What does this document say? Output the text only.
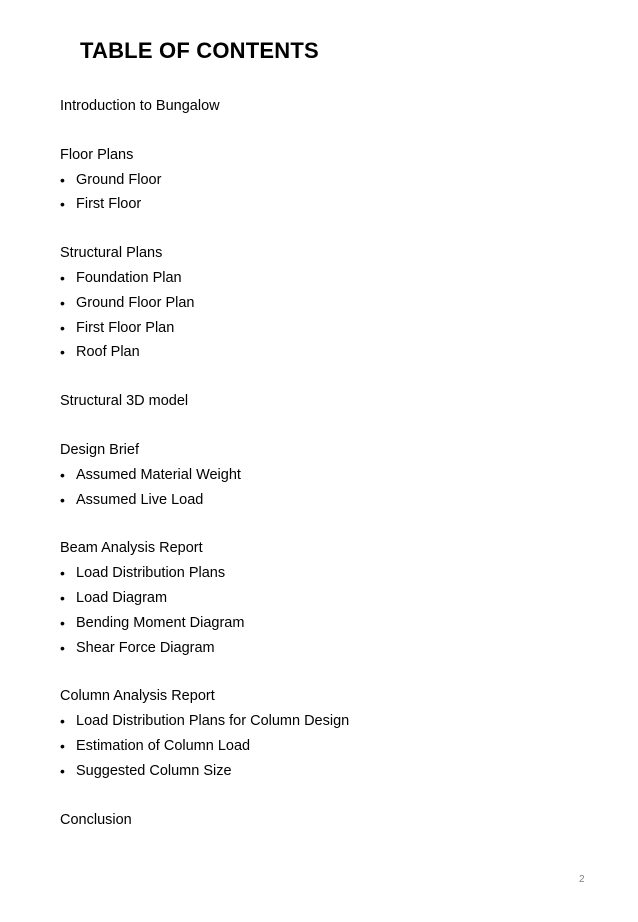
TABLE OF CONTENTS

Introduction to Bungalow

Floor Plans

• Ground Floor
• First Floor

Structural Plans

• Foundation Plan
• Ground Floor Plan
• First Floor Plan
• Roof Plan

Structural 3D model

Design Brief

• Assumed Material Weight
• Assumed Live Load

Beam Analysis Report

• Load Distribution Plans
• Load Diagram
• Bending Moment Diagram
• Shear Force Diagram

Column Analysis Report

• Load Distribution Plans for Column Design
• Estimation of Column Load
• Suggested Column Size

Conclusion

2
